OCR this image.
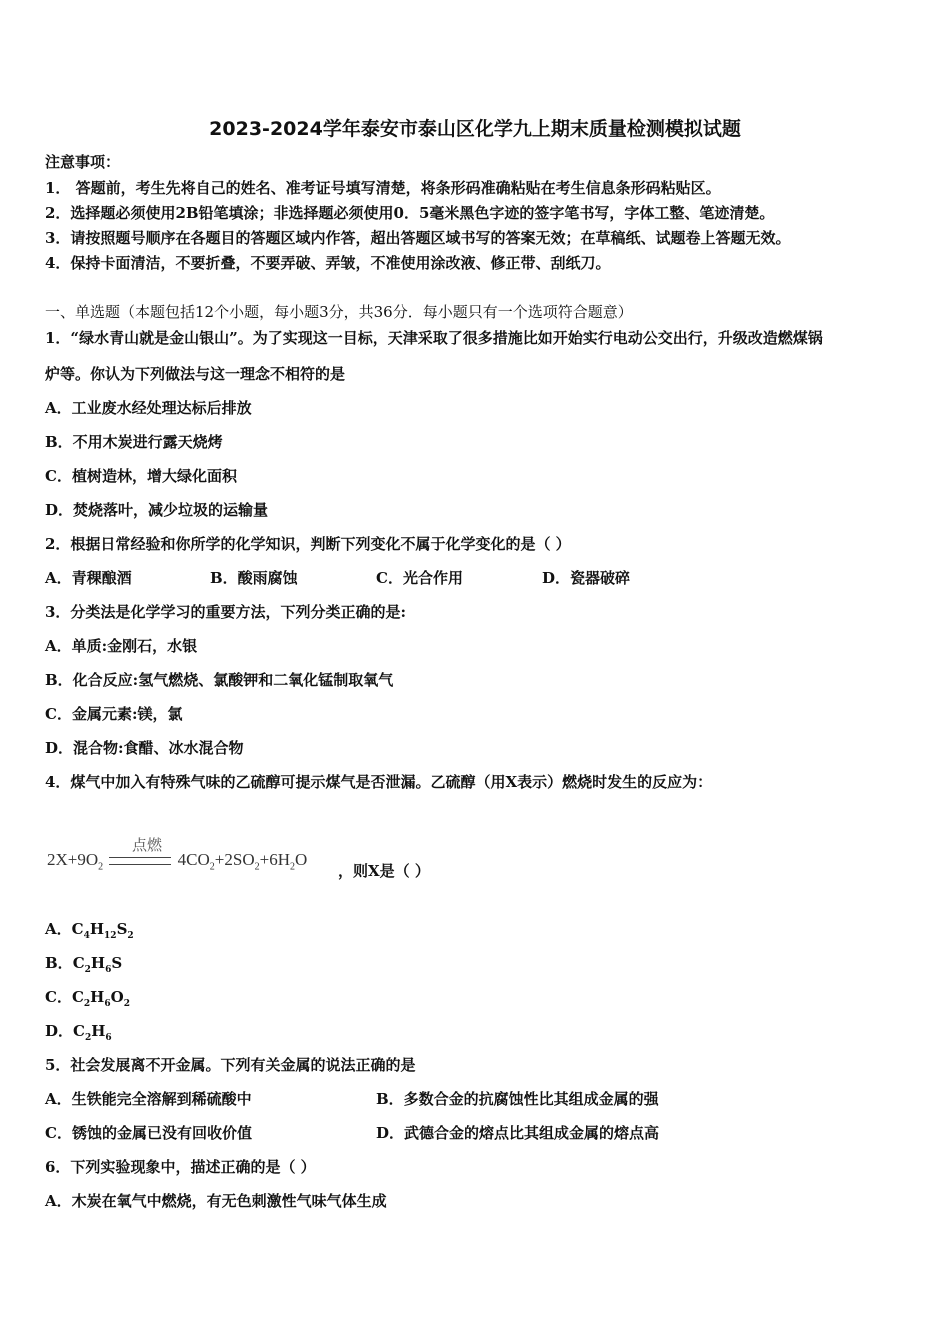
2023-2024学年泰安市泰山区化学九上期末质量检测模拟试题
注意事项：
1． 答题前，考生先将自己的姓名、准考证号填写清楚，将条形码准确粘贴在考生信息条形码粘贴区。
2．选择题必须使用2B铅笔填涂；非选择题必须使用0．5毫米黑色字迹的签字笔书写，字体工整、笔迹清楚。
3．请按照题号顺序在各题目的答题区域内作答，超出答题区域书写的答案无效；在草稿纸、试题卷上答题无效。
4．保持卡面清洁，不要折叠，不要弄破、弄皱，不准使用涂改液、修正带、刮纸刀。
一、单选题（本题包括12个小题，每小题3分，共36分．每小题只有一个选项符合题意）
1．“绿水青山就是金山银山”。为了实现这一目标，天津采取了很多措施比如开始实行电动公交出行，升级改造燃煤锅
炉等。你认为下列做法与这一理念不相符的是
A．工业废水经处理达标后排放
B．不用木炭进行露天烧烤
C．植树造林，增大绿化面积
D．焚烧落叶，减少垃圾的运输量
2．根据日常经验和你所学的化学知识，判断下列变化不属于化学变化的是（ ）
A．青稞酿酒	B．酸雨腐蚀	C．光合作用	D．瓷器破碎
3．分类法是化学学习的重要方法，下列分类正确的是:
A．单质:金刚石，水银
B．化合反应:氢气燃烧、氯酸钾和二氧化锰制取氧气
C．金属元素:镁，氯
D．混合物:食醋、冰水混合物
4．煤气中加入有特殊气味的乙硫醇可提示煤气是否泄漏。乙硫醇（用X表示）燃烧时发生的反应为：
点燃
$2X+9O_2$	$4CO_2+2SO_2+6H_2O$
，则X是（ ）
A．$C_4H_{12}S_2$
B．$C_2H_6S$
C．$C_2H_6O_2$
D．$C_2H_6$
5．社会发展离不开金属。下列有关金属的说法正确的是
A．生铁能完全溶解到稀硫酸中	B．多数合金的抗腐蚀性比其组成金属的强
C．锈蚀的金属已没有回收价值	D．武德合金的熔点比其组成金属的熔点高
6．下列实验现象中，描述正确的是（ ）
A．木炭在氧气中燃烧，有无色刺激性气味气体生成
